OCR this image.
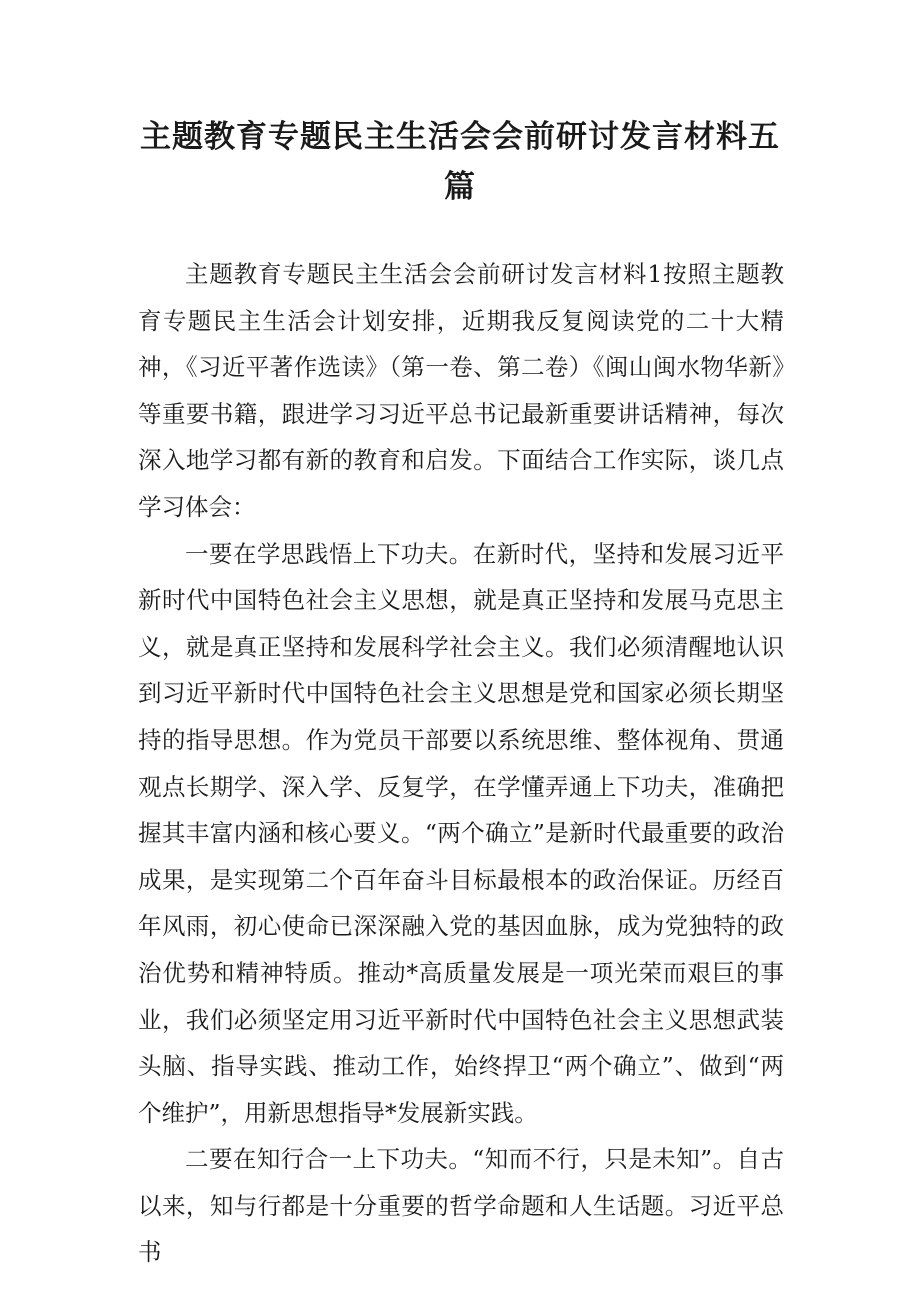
主题教育专题民主生活会会前研讨发言材料五篇

主题教育专题民主生活会会前研讨发言材料1按照主题教育专题民主生活会计划安排，近期我反复阅读党的二十大精神，《习近平著作选读》（第一卷、第二卷）《闽山闽水物华新》等重要书籍，跟进学习习近平总书记最新重要讲话精神，每次深入地学习都有新的教育和启发。下面结合工作实际，谈几点学习体会：

一要在学思践悟上下功夫。在新时代，坚持和发展习近平新时代中国特色社会主义思想，就是真正坚持和发展马克思主义，就是真正坚持和发展科学社会主义。我们必须清醒地认识到习近平新时代中国特色社会主义思想是党和国家必须长期坚持的指导思想。作为党员干部要以系统思维、整体视角、贯通观点长期学、深入学、反复学，在学懂弄通上下功夫，准确把握其丰富内涵和核心要义。“两个确立”是新时代最重要的政治成果，是实现第二个百年奋斗目标最根本的政治保证。历经百年风雨，初心使命已深深融入党的基因血脉，成为党独特的政治优势和精神特质。推动*高质量发展是一项光荣而艰巨的事业，我们必须坚定用习近平新时代中国特色社会主义思想武装头脑、指导实践、推动工作，始终捍卫“两个确立”、做到“两个维护”，用新思想指导*发展新实践。

二要在知行合一上下功夫。“知而不行，只是未知”。自古以来，知与行都是十分重要的哲学命题和人生话题。习近平总书
